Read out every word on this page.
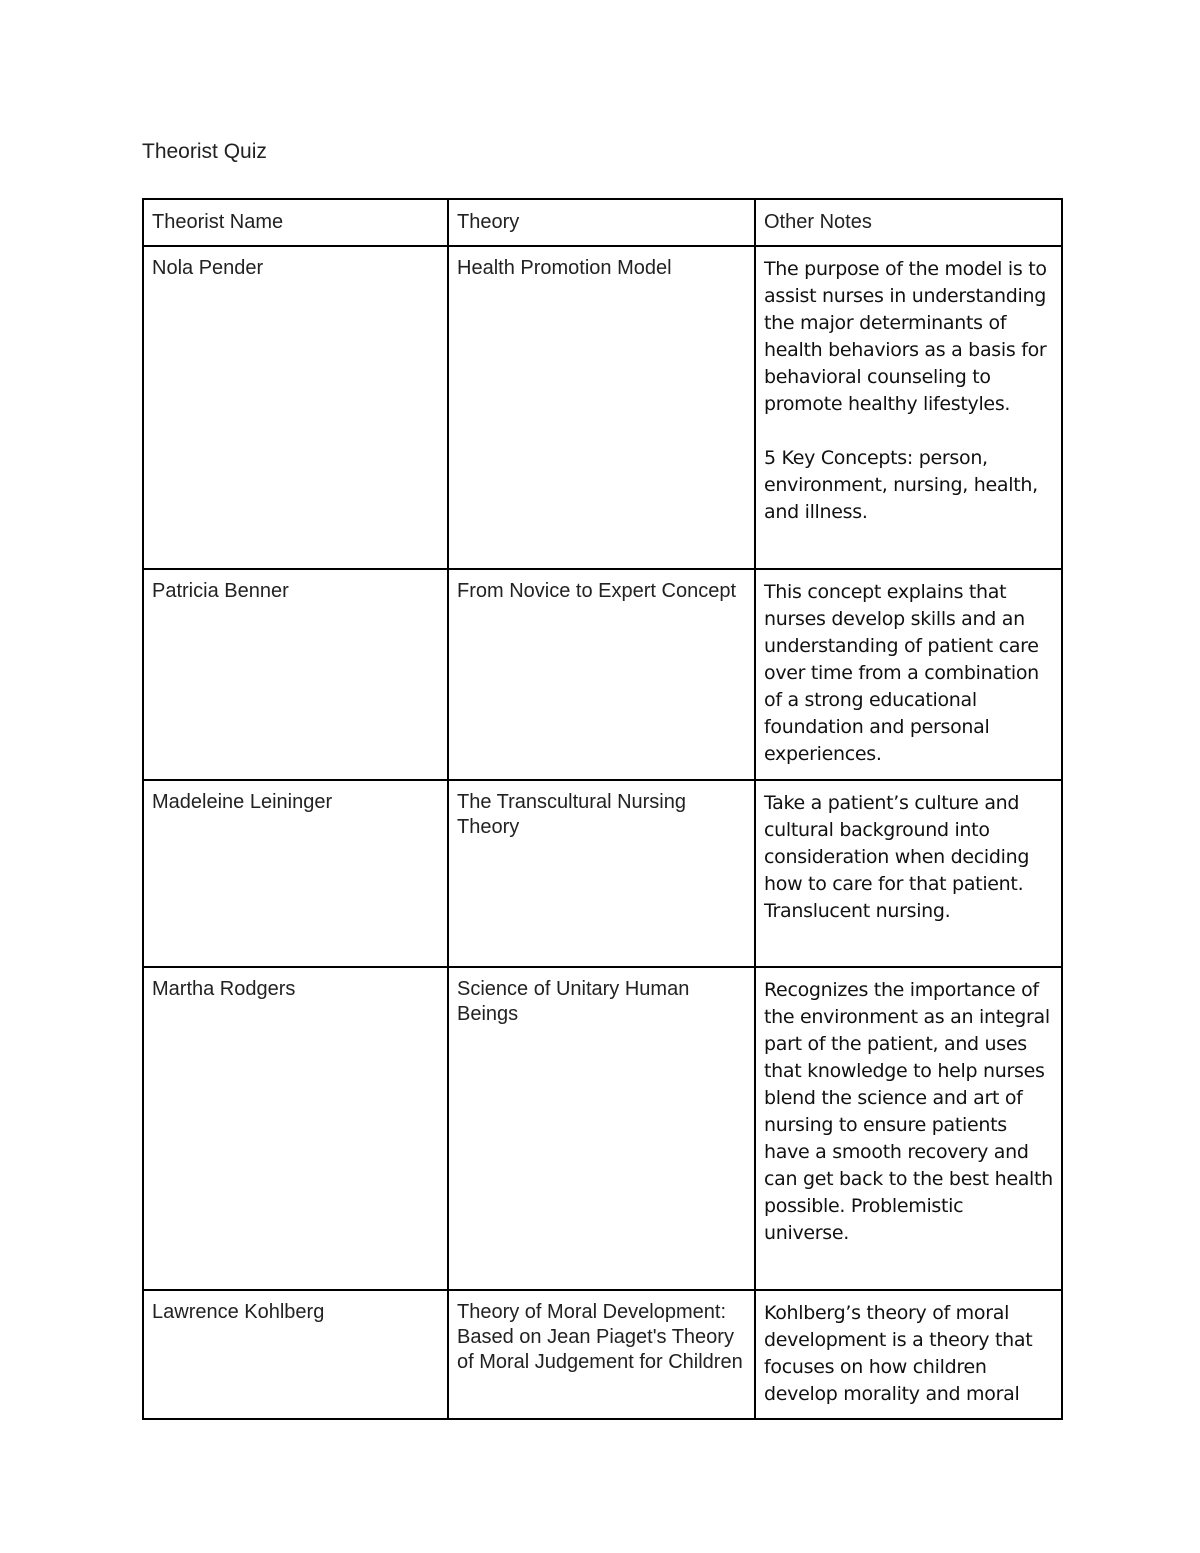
Theorist Quiz
Theorist Name	Theory	Other Notes
Nola Pender	Health Promotion Model	The purpose of the model is to assist nurses in understanding the major determinants of health behaviors as a basis for behavioral counseling to promote healthy lifestyles.

5 Key Concepts: person, environment, nursing, health, and illness.

Patricia Benner	From Novice to Expert Concept	This concept explains that nurses develop skills and an understanding of patient care over time from a combination of a strong educational foundation and personal experiences.

Madeleine Leininger	The Transcultural Nursing Theory	Take a patient’s culture and cultural background into consideration when deciding how to care for that patient. Translucent nursing.

Martha Rodgers	Science of Unitary Human Beings	Recognizes the importance of the environment as an integral part of the patient, and uses that knowledge to help nurses blend the science and art of nursing to ensure patients have a smooth recovery and can get back to the best health possible. Problemistic universe.

Lawrence Kohlberg	Theory of Moral Development: Based on Jean Piaget's Theory of Moral Judgement for Children	Kohlberg’s theory of moral development is a theory that focuses on how children develop morality and moral
